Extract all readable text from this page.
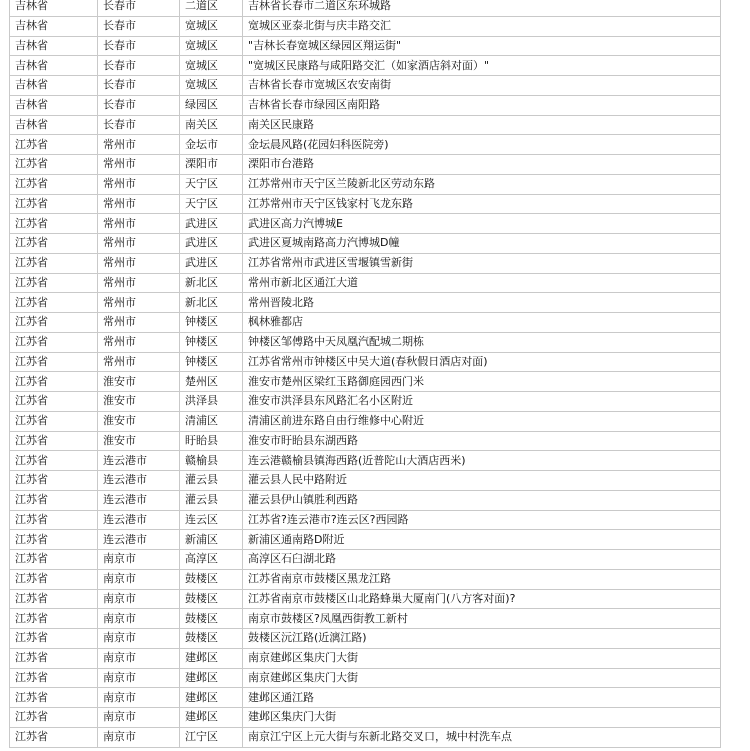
吉林省	长春市	二道区	吉林省长春市二道区东环城路
吉林省	长春市	宽城区	宽城区亚泰北街与庆丰路交汇
吉林省	长春市	宽城区	"吉林长春宽城区绿园区翔运街"
吉林省	长春市	宽城区	"宽城区民康路与咸阳路交汇（如家酒店斜对面）"
吉林省	长春市	宽城区	吉林省长春市宽城区农安南街
吉林省	长春市	绿园区	吉林省长春市绿园区南阳路
吉林省	长春市	南关区	南关区民康路
江苏省	常州市	金坛市	金坛晨风路(花园妇科医院旁)
江苏省	常州市	溧阳市	溧阳市台港路
江苏省	常州市	天宁区	江苏常州市天宁区兰陵新北区劳动东路
江苏省	常州市	天宁区	江苏常州市天宁区钱家村飞龙东路
江苏省	常州市	武进区	武进区高力汽博城E
江苏省	常州市	武进区	武进区夏城南路高力汽博城D幢
江苏省	常州市	武进区	江苏省常州市武进区雪堰镇雪新街
江苏省	常州市	新北区	常州市新北区通江大道
江苏省	常州市	新北区	常州晋陵北路
江苏省	常州市	钟楼区	枫林雅都店
江苏省	常州市	钟楼区	钟楼区邹傅路中天凤凰汽配城二期栋
江苏省	常州市	钟楼区	江苏省常州市钟楼区中吴大道(春秋假日酒店对面)
江苏省	淮安市	楚州区	淮安市楚州区梁红玉路御庭园西门米
江苏省	淮安市	洪泽县	淮安市洪泽县东风路汇名小区附近
江苏省	淮安市	清浦区	清浦区前进东路自由行维修中心附近
江苏省	淮安市	盱眙县	淮安市盱眙县东湖西路
江苏省	连云港市	赣榆县	连云港赣榆县镇海西路(近普陀山大酒店西米)
江苏省	连云港市	灌云县	灌云县人民中路附近
江苏省	连云港市	灌云县	灌云县伊山镇胜利西路
江苏省	连云港市	连云区	江苏省?连云港市?连云区?西园路
江苏省	连云港市	新浦区	新浦区通南路D附近
江苏省	南京市	高淳区	高淳区石臼湖北路
江苏省	南京市	鼓楼区	江苏省南京市鼓楼区黑龙江路
江苏省	南京市	鼓楼区	江苏省南京市鼓楼区山北路蜂巢大厦南门(八方客对面)?
江苏省	南京市	鼓楼区	南京市鼓楼区?凤凰西街教工新村
江苏省	南京市	鼓楼区	鼓楼区沅江路(近漓江路)
江苏省	南京市	建邺区	南京建邺区集庆门大街
江苏省	南京市	建邺区	南京建邺区集庆门大街
江苏省	南京市	建邺区	建邺区通江路
江苏省	南京市	建邺区	建邺区集庆门大街
江苏省	南京市	江宁区	南京江宁区上元大街与东新北路交叉口，城中村洗车点
